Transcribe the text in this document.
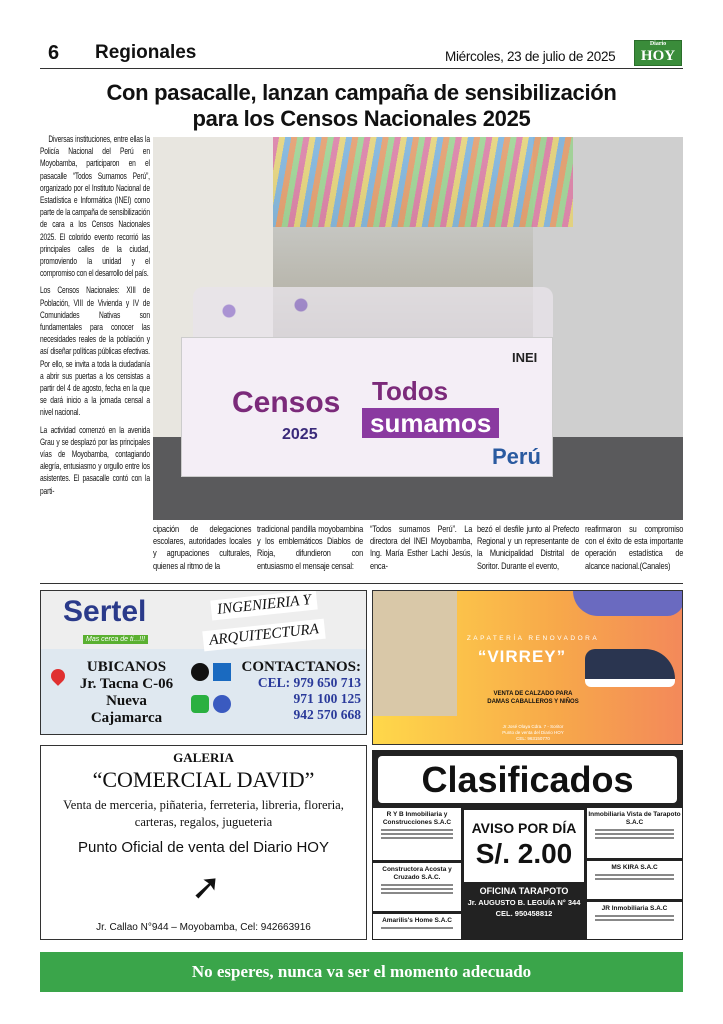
6 Regionales	Miércoles, 23 de julio de 2025
Diario
HOY
Con pasacalle, lanzan campaña de sensibilización
para los Censos Nacionales 2025

Diversas instituciones, entre ellas la Policía Nacional del Perú en Moyobamba, participaron en el pasacalle “Todos Sumamos Perú”, organizado por el Instituto Nacional de Estadística e Informática (INEI) como parte de la campaña de sensibilización de cara a los Censos Nacionales 2025. El colorido evento recorrió las principales calles de la ciudad, promoviendo la unidad y el compromiso con el desarrollo del país.

Los Censos Nacionales: XIII de Población, VIII de Vivienda y IV de Comunidades Nativas son fundamentales para conocer las necesidades reales de la población y así diseñar políticas públicas efectivas. Por ello, se invita a toda la ciudadanía a abrir sus puertas a los censistas a partir del 4 de agosto, fecha en la que se dará inicio a la jornada censal a nivel nacional.

La actividad comenzó en la avenida Grau y se desplazó por las principales vías de Moyobamba, contagiando alegría, entusiasmo y orgullo entre los asistentes. El pasacalle contó con la parti-

INEI
Censos
2025
Todos
sumamos
Perú
cipación de delegaciones escolares, autoridades locales y agrupaciones culturales, quienes al ritmo de la
tradicional pandilla moyobambina y los emblemáticos Diablos de Rioja, difundieron con entusiasmo el mensaje censal:
“Todos sumamos Perú”. La directora del INEI Moyobamba, Ing. María Esther Lachi Jesús, enca-
bezó el desfile junto al Prefecto Regional y un representante de la Municipalidad Distrital de Soritor. Durante el evento,
reafirmaron su compromiso con el éxito de esta importante operación estadística de alcance nacional.(Canales)
Sertel
Mas cerca de ti...!!!
INGENIERIA Y
ARQUITECTURA
UBICANOS
Jr. Tacna C-06
Nueva Cajamarca
CONTACTANOS:
CEL: 979 650 713
971 100 125
942 570 668
ZAPATERÍA RENOVADORA
“VIRREY”
VENTA DE CALZADO PARA
DAMAS CABALLEROS Y NIÑOS
Jr José Olaya Cdra. 7 - Soritor
Punto de venta del Diario HOY
CEL: 963150770
GALERIA
“COMERCIAL DAVID”
Venta de merceria, piñateria, ferreteria, libreria, floreria, carteras, regalos, jugueteria
Punto Oficial de venta del Diario HOY
➚
Jr. Callao N°944 – Moyobamba, Cel: 942663916
Clasificados
AVISO POR DÍA
S/. 2.00
OFICINA TARAPOTO
Jr. AUGUSTO B. LEGUÍA N° 344
CEL. 950458812
R Y B Inmobiliaria y Construcciones S.A.C
Constructora Acosta y Cruzado S.A.C.
Amarilis's Home S.A.C
Inmobiliaria Vista de Tarapoto S.A.C
MS KIRA S.A.C
JR Inmobiliaria S.A.C
No esperes, nunca va ser el momento adecuado
